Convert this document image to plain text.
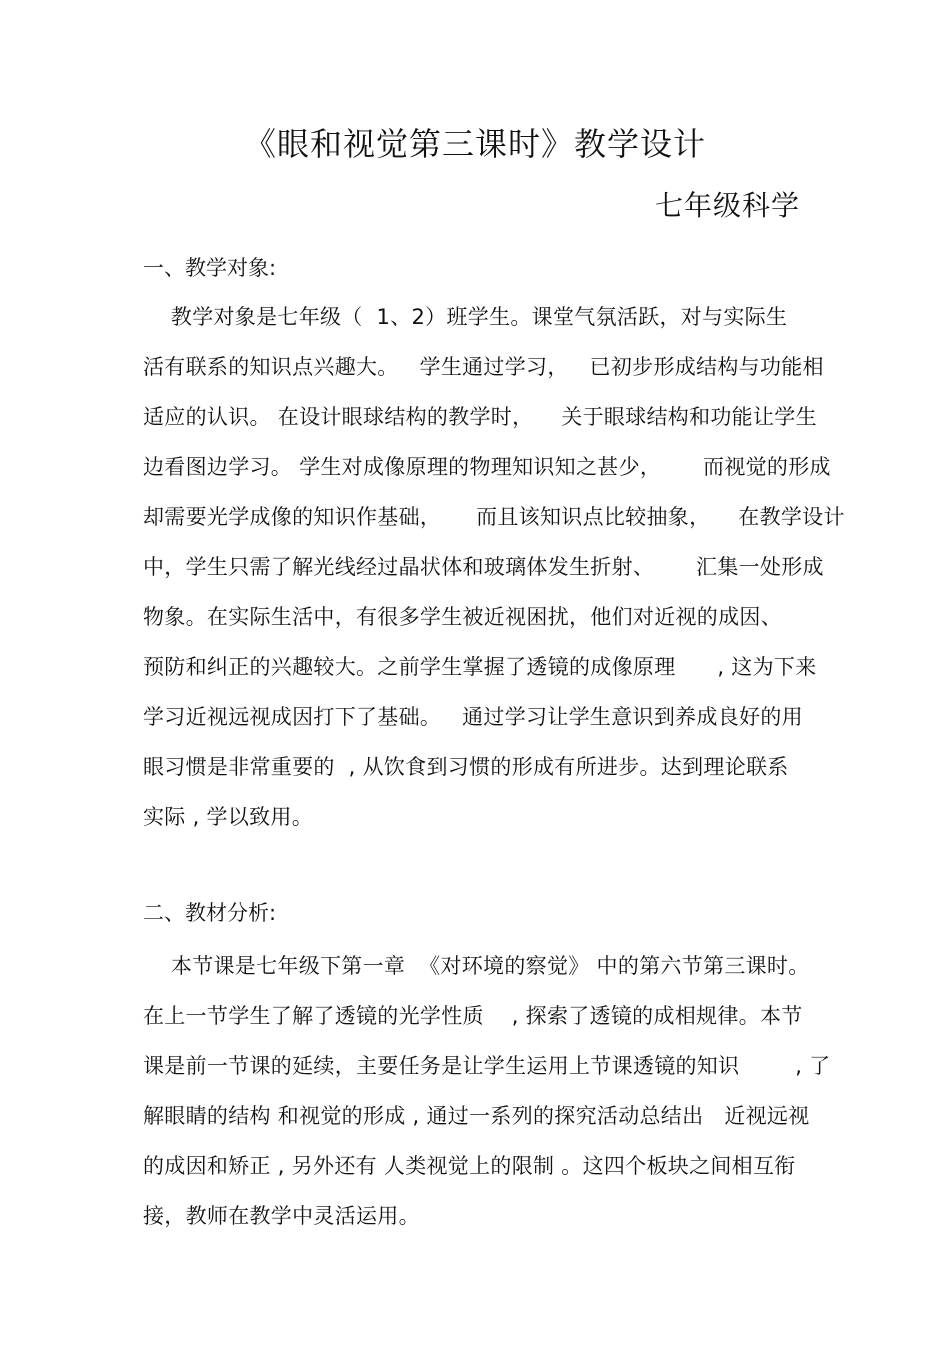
《眼和视觉第三课时》教学设计
七年级科学
一、教学对象:
教学对象是七年级（  1、2）班学生。课堂气氛活跃，对与实际生
活有联系的知识点兴趣大。   学生通过学习，   已初步形成结构与功能相
适应的认识。 在设计眼球结构的教学时，    关于眼球结构和功能让学生
边看图边学习。 学生对成像原理的物理知识知之甚少，      而视觉的形成
却需要光学成像的知识作基础，     而且该知识点比较抽象，    在教学设计
中，学生只需了解光线经过晶状体和玻璃体发生折射、      汇集一处形成
物象。在实际生活中，有很多学生被近视困扰，他们对近视的成因、
预防和纠正的兴趣较大。之前学生掌握了透镜的成像原理      , 这为下来
学习近视远视成因打下了基础。   通过学习让学生意识到养成良好的用
眼习惯是非常重要的  , 从饮食到习惯的形成有所进步。达到理论联系
实际 , 学以致用。
二、教材分析:
本节课是七年级下第一章  《对环境的察觉》 中的第六节第三课时。
在上一节学生了解了透镜的光学性质    , 探索了透镜的成相规律。本节
课是前一节课的延续，主要任务是让学生运用上节课透镜的知识        , 了
解眼睛的结构 和视觉的形成 , 通过一系列的探究活动总结出   近视远视
的成因和矫正 , 另外还有 人类视觉上的限制 。这四个板块之间相互衔
接，教师在教学中灵活运用。
